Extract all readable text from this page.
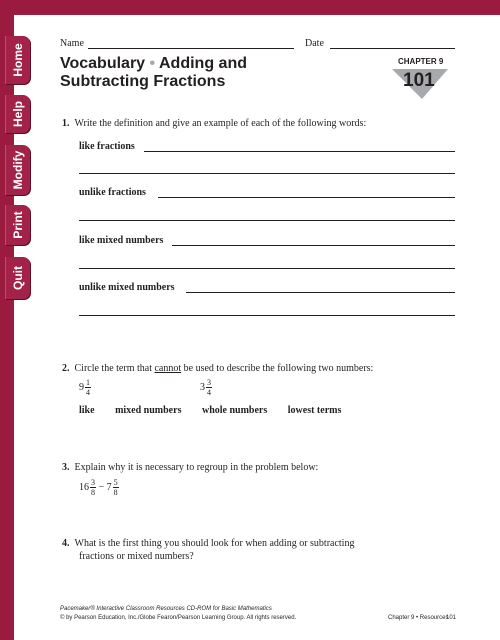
Home
Help
Modify
Print
Quit
Name	Date
Vocabulary • Adding and
Subtracting Fractions
CHAPTER 9
101
1. Write the definition and give an example of each of the following words:
like fractions
unlike fractions
like mixed numbers
unlike mixed numbers
2. Circle the term that cannot be used to describe the following two numbers:
$9 \frac{1}{4}$	$3 \frac{3}{4}$
like mixed numbers whole numbers lowest terms
3. Explain why it is necessary to regroup in the problem below:
$16 \frac{3}{8} - 7 \frac{5}{8}$
4. What is the first thing you should look for when adding or subtracting
fractions or mixed numbers?
Pacemaker® Interactive Classroom Resources CD-ROM for Basic Mathematics
© by Pearson Education, Inc./Globe Fearon/Pearson Learning Group. All rights reserved.	Chapter 9 • Resources
101
